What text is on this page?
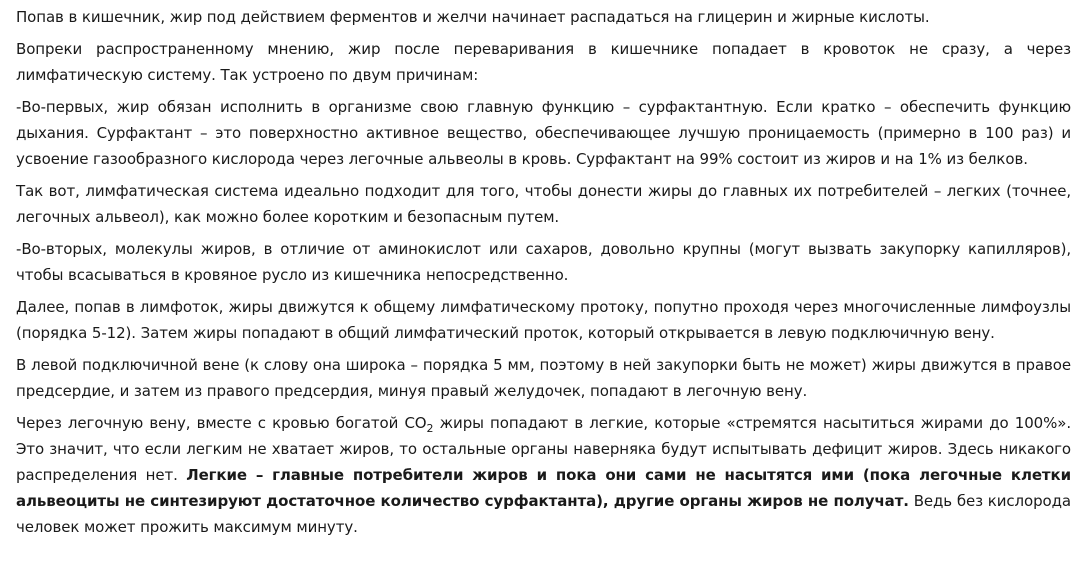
Попав в кишечник, жир под действием ферментов и желчи начинает распадаться на глицерин и жирные кислоты.

Вопреки распространенному мнению, жир после переваривания в кишечнике попадает в кровоток не сразу, а через лимфатическую систему. Так устроено по двум причинам:

-Во-первых, жир обязан исполнить в организме свою главную функцию – сурфактантную. Если кратко – обеспечить функцию дыхания. Сурфактант – это поверхностно активное вещество, обеспечивающее лучшую проницаемость (примерно в 100 раз) и усвоение газообразного кислорода через легочные альвеолы в кровь. Сурфактант на 99% состоит из жиров и на 1% из белков.

Так вот, лимфатическая система идеально подходит для того, чтобы донести жиры до главных их потребителей – легких (точнее, легочных альвеол), как можно более коротким и безопасным путем.

-Во-вторых, молекулы жиров, в отличие от аминокислот или сахаров, довольно крупны (могут вызвать закупорку капилляров), чтобы всасываться в кровяное русло из кишечника непосредственно.

Далее, попав в лимфоток, жиры движутся к общему лимфатическому протоку, попутно проходя через многочисленные лимфоузлы (порядка 5-12). Затем жиры попадают в общий лимфатический проток, который открывается в левую подключичную вену.

В левой подключичной вене (к слову она широка – порядка 5 мм, поэтому в ней закупорки быть не может) жиры движутся в правое предсердие, и затем из правого предсердия, минуя правый желудочек, попадают в легочную вену.

Через легочную вену, вместе с кровью богатой $CO_2$ жиры попадают в легкие, которые «стремятся насытиться жирами до 100%». Это значит, что если легким не хватает жиров, то остальные органы наверняка будут испытывать дефицит жиров. Здесь никакого распределения нет. Легкие – главные потребители жиров и пока они сами не насытятся ими (пока легочные клетки альвеоциты не синтезируют достаточное количество сурфактанта), другие органы жиров не получат. Ведь без кислорода человек может прожить максимум минуту.
